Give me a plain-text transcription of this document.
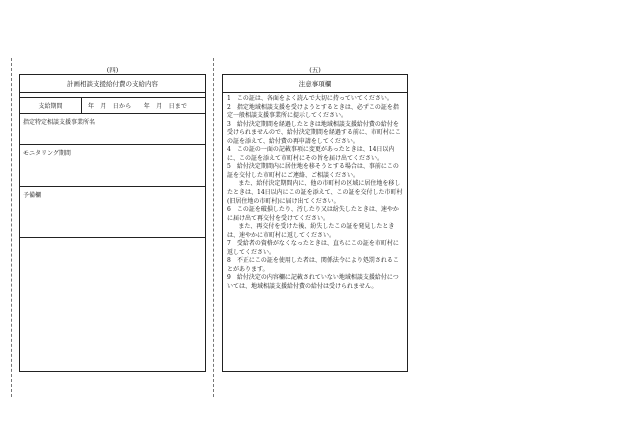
(四)
計画相談支援給付費の支給内容
支給期間	年　月　日から　　年　月　日まで
指定特定相談支援事業所名
モニタリング期間
予備欄
(五)
注意事項欄

1　この証は、各面をよく読んで大切に持っていてください。

2　指定地域相談支援を受けようとするときは、必ずこの証を指定一般相談支援事業所に提示してください。

3　給付決定期間を経過したときは地域相談支援給付費の給付を受けられませんので、給付決定期間を経過する前に、市町村にこの証を添えて、給付費の再申請をしてください。

4　この証の一面の記載事項に変更があったときは、14日以内に、この証を添えて市町村にその旨を届け出てください。

5　給付決定期間内に居住地を移そうとする場合は、事前にこの証を交付した市町村にご連絡、ご相談ください。

また、給付決定期間内に、他の市町村の区域に居住地を移したときは、14日以内にこの証を添えて、この証を交付した市町村(旧居住地の市町村)に届け出てください。

6　この証を破損したり、汚したり又は紛失したときは、速やかに届け出て再交付を受けてください。

また、再交付を受けた後、紛失したこの証を発見したときは、速やかに市町村に返してください。

7　受給者の資格がなくなったときは、直ちにこの証を市町村に返してください。

8　不正にこの証を使用した者は、関係法令により処罰されることがあります。

9　給付決定の内容欄に記載されていない地域相談支援給付については、地域相談支援給付費の給付は受けられません。
